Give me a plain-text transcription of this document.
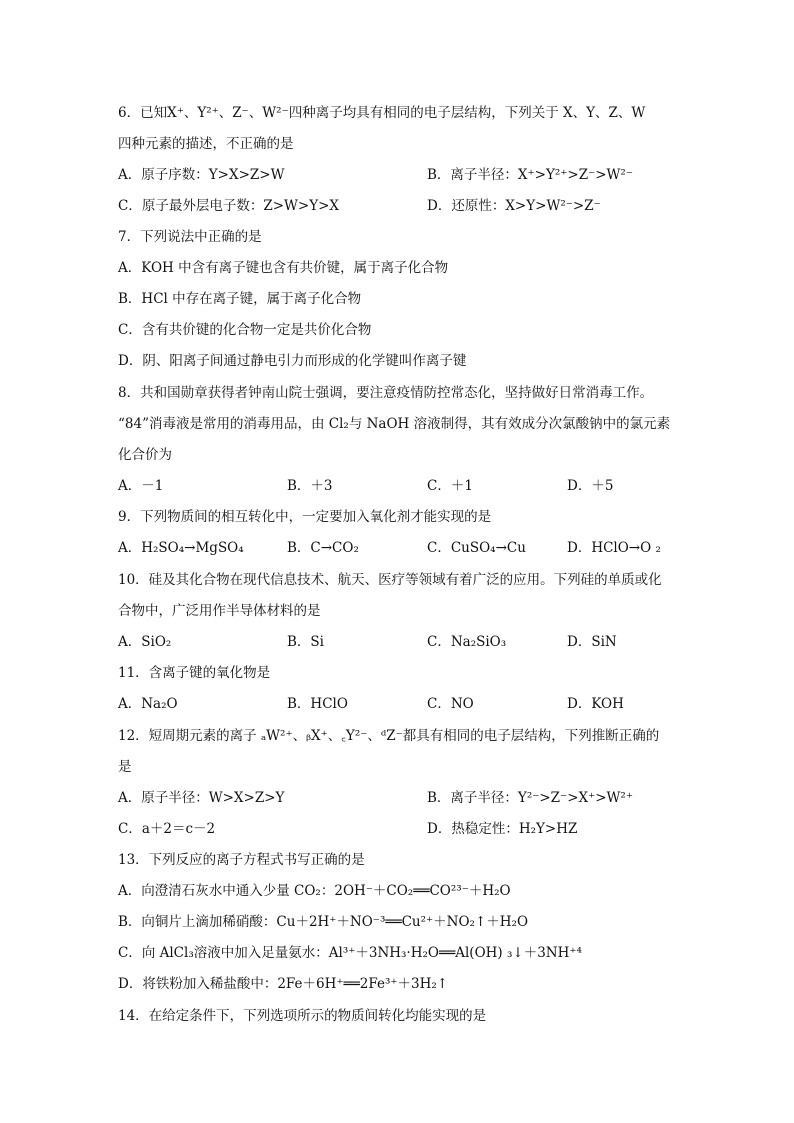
6．已知X⁺、Y²⁺、Z⁻、W²⁻四种离子均具有相同的电子层结构，下列关于 X、Y、Z、W
四种元素的描述，不正确的是
A．原子序数：Y>X>Z>W	B．离子半径：X⁺>Y²⁺>Z⁻>W²⁻
C．原子最外层电子数：Z>W>Y>X	D．还原性：X>Y>W²⁻>Z⁻
7．下列说法中正确的是
A．KOH 中含有离子键也含有共价键，属于离子化合物
B．HCl 中存在离子键，属于离子化合物
C．含有共价键的化合物一定是共价化合物
D．阴、阳离子间通过静电引力而形成的化学键叫作离子键
8．共和国勋章获得者钟南山院士强调，要注意疫情防控常态化，坚持做好日常消毒工作。
“84”消毒液是常用的消毒用品，由 Cl₂与 NaOH 溶液制得，其有效成分次氯酸钠中的氯元素
化合价为
A．－1	B．＋3	C．＋1	D．＋5
9．下列物质间的相互转化中，一定要加入氧化剂才能实现的是
A．H₂SO₄→MgSO₄	B．C→CO₂	C．CuSO₄→Cu	D．HClO→O ₂
10．硅及其化合物在现代信息技术、航天、医疗等领域有着广泛的应用。下列硅的单质或化
合物中，广泛用作半导体材料的是
A．SiO₂	B．Si	C．Na₂SiO₃	D．SiN
11．含离子键的氧化物是
A．Na₂O	B．HClO	C．NO	D．KOH
12．短周期元素的离子 ₐW²⁺、ᵦX⁺、꜀Y²⁻、ᵈZ⁻都具有相同的电子层结构，下列推断正确的
是
A．原子半径：W>X>Z>Y	B．离子半径：Y²⁻>Z⁻>X⁺>W²⁺
C．a＋2＝c－2	D．热稳定性：H₂Y>HZ
13．下列反应的离子方程式书写正确的是
A．向澄清石灰水中通入少量 CO₂：2OH⁻＋CO₂══CO²³⁻＋H₂O
B．向铜片上滴加稀硝酸：Cu＋2H⁺＋NO⁻³══Cu²⁺＋NO₂↑＋H₂O
C．向 AlCl₃溶液中加入足量氨水：Al³⁺＋3NH₃·H₂O══Al(OH) ₃↓＋3NH⁺⁴
D．将铁粉加入稀盐酸中：2Fe＋6H⁺══2Fe³⁺＋3H₂↑
14．在给定条件下，下列选项所示的物质间转化均能实现的是
